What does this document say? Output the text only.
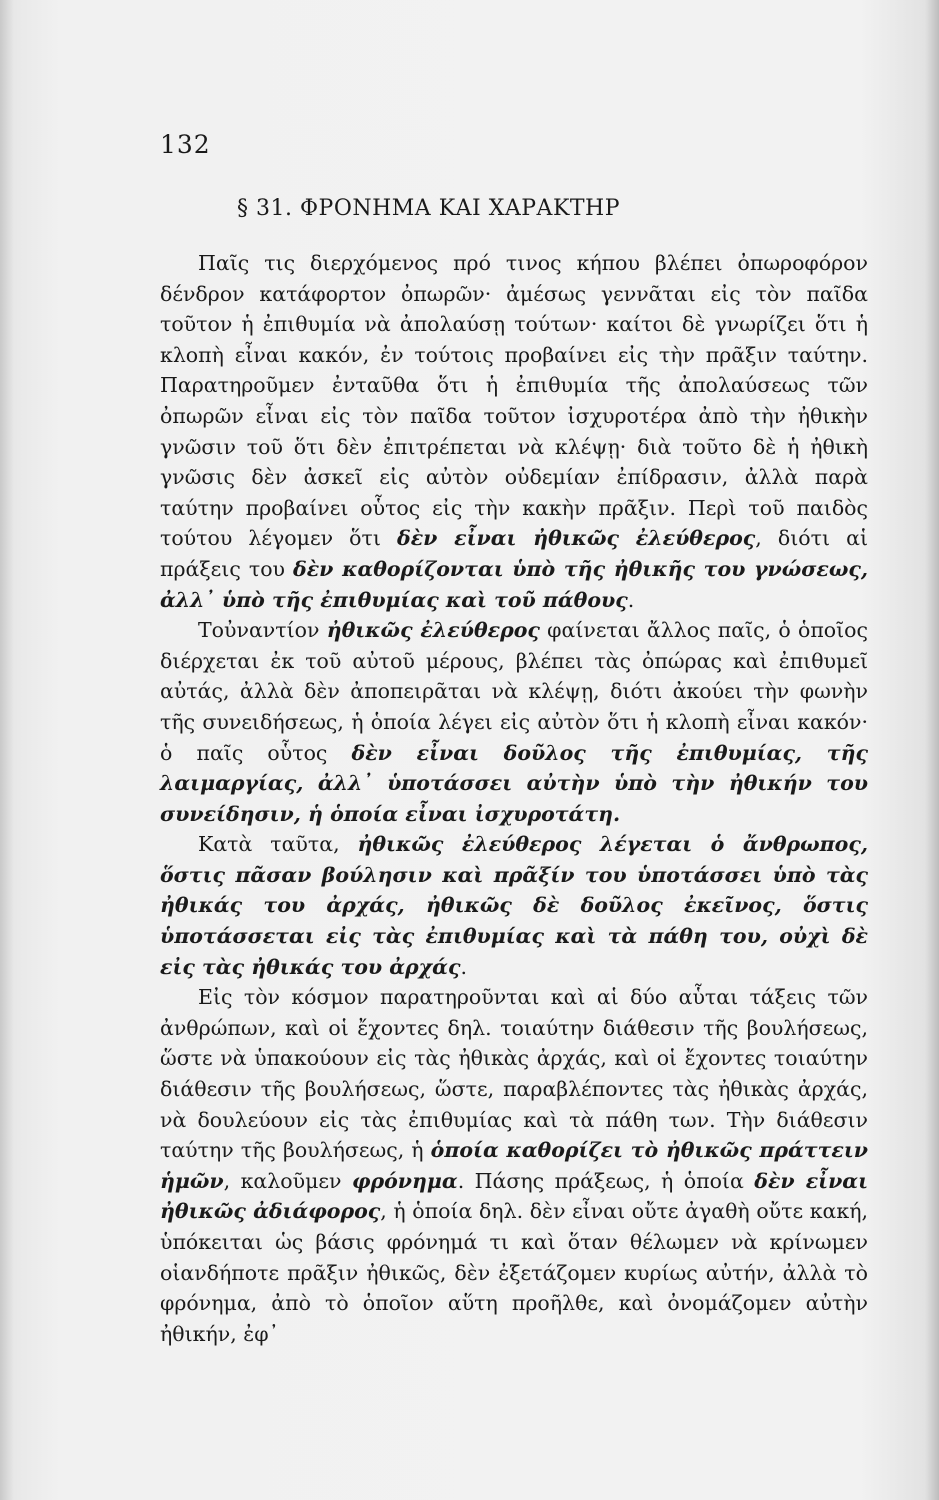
132
§ 31. ΦΡΟΝΗΜΑ ΚΑΙ ΧΑΡΑΚΤΗΡ

Παῖς τις διερχόμενος πρό τινος κήπου βλέπει ὀπωροφόρον δένδρον κατάφορτον ὀπωρῶν· ἀμέσως γεννᾶται εἰς τὸν παῖδα τοῦτον ἡ ἐπιθυμία νὰ ἀπολαύσῃ τούτων· καίτοι δὲ γνωρίζει ὅτι ἡ κλοπὴ εἶναι κακόν, ἐν τούτοις προβαίνει εἰς τὴν πρᾶξιν ταύτην. Παρατηροῦμεν ἐνταῦθα ὅτι ἡ ἐπιθυμία τῆς ἀπολαύσεως τῶν ὀπωρῶν εἶναι εἰς τὸν παῖδα τοῦτον ἰσχυροτέρα ἀπὸ τὴν ἠθικὴν γνῶσιν τοῦ ὅτι δὲν ἐπιτρέπεται νὰ κλέψῃ· διὰ τοῦτο δὲ ἡ ἠθικὴ γνῶσις δὲν ἀσκεῖ εἰς αὐτὸν οὐδεμίαν ἐπίδρασιν, ἀλλὰ παρὰ ταύτην προβαίνει οὗτος εἰς τὴν κακὴν πρᾶξιν. Περὶ τοῦ παιδὸς τούτου λέγομεν ὅτι δὲν εἶναι ἠθικῶς ἐλεύθερος, διότι αἱ πράξεις του δὲν καθορίζονται ὑπὸ τῆς ἠθικῆς του γνώσεως, ἀλλ᾽ ὑπὸ τῆς ἐπιθυμίας καὶ τοῦ πάθους.

Τοὐναντίον ἠθικῶς ἐλεύθερος φαίνεται ἄλλος παῖς, ὁ ὁποῖος διέρχεται ἐκ τοῦ αὐτοῦ μέρους, βλέπει τὰς ὀπώρας καὶ ἐπιθυμεῖ αὐτάς, ἀλλὰ δὲν ἀποπειρᾶται νὰ κλέψῃ, διότι ἀκούει τὴν φωνὴν τῆς συνειδήσεως, ἡ ὁποία λέγει εἰς αὐτὸν ὅτι ἡ κλοπὴ εἶναι κακόν· ὁ παῖς οὗτος δὲν εἶναι δοῦλος τῆς ἐπιθυμίας, τῆς λαιμαργίας, ἀλλ᾽ ὑποτάσσει αὐτὴν ὑπὸ τὴν ἠθικήν του συνείδησιν, ἡ ὁποία εἶναι ἰσχυροτάτη.

Κατὰ ταῦτα, ἠθικῶς ἐλεύθερος λέγεται ὁ ἄνθρωπος, ὅστις πᾶσαν βούλησιν καὶ πρᾶξίν του ὑποτάσσει ὑπὸ τὰς ἠθικάς του ἀρχάς, ἠθικῶς δὲ δοῦλος ἐκεῖνος, ὅστις ὑποτάσσεται εἰς τὰς ἐπιθυμίας καὶ τὰ πάθη του, οὐχὶ δὲ εἰς τὰς ἠθικάς του ἀρχάς.

Εἰς τὸν κόσμον παρατηροῦνται καὶ αἱ δύο αὗται τάξεις τῶν ἀνθρώπων, καὶ οἱ ἔχοντες δηλ. τοιαύτην διάθεσιν τῆς βουλήσεως, ὥστε νὰ ὑπακούουν εἰς τὰς ἠθικὰς ἀρχάς, καὶ οἱ ἔχοντες τοιαύτην διάθεσιν τῆς βουλήσεως, ὥστε, παραβλέποντες τὰς ἠθικὰς ἀρχάς, νὰ δουλεύουν εἰς τὰς ἐπιθυμίας καὶ τὰ πάθη των. Τὴν διάθεσιν ταύτην τῆς βουλήσεως, ἡ ὁποία καθορίζει τὸ ἠθικῶς πράττειν ἡμῶν, καλοῦμεν φρόνημα. Πάσης πράξεως, ἡ ὁποία δὲν εἶναι ἠθικῶς ἀδιάφορος, ἡ ὁποία δηλ. δὲν εἶναι οὔτε ἀγαθὴ οὔτε κακή, ὑπόκειται ὡς βάσις φρόνημά τι καὶ ὅταν θέλωμεν νὰ κρίνωμεν οἱανδήποτε πρᾶξιν ἠθικῶς, δὲν ἐξετάζομεν κυρίως αὐτήν, ἀλλὰ τὸ φρόνημα, ἀπὸ τὸ ὁποῖον αὕτη προῆλθε, καὶ ὀνομάζομεν αὐτὴν ἠθικήν, ἐφ᾽
